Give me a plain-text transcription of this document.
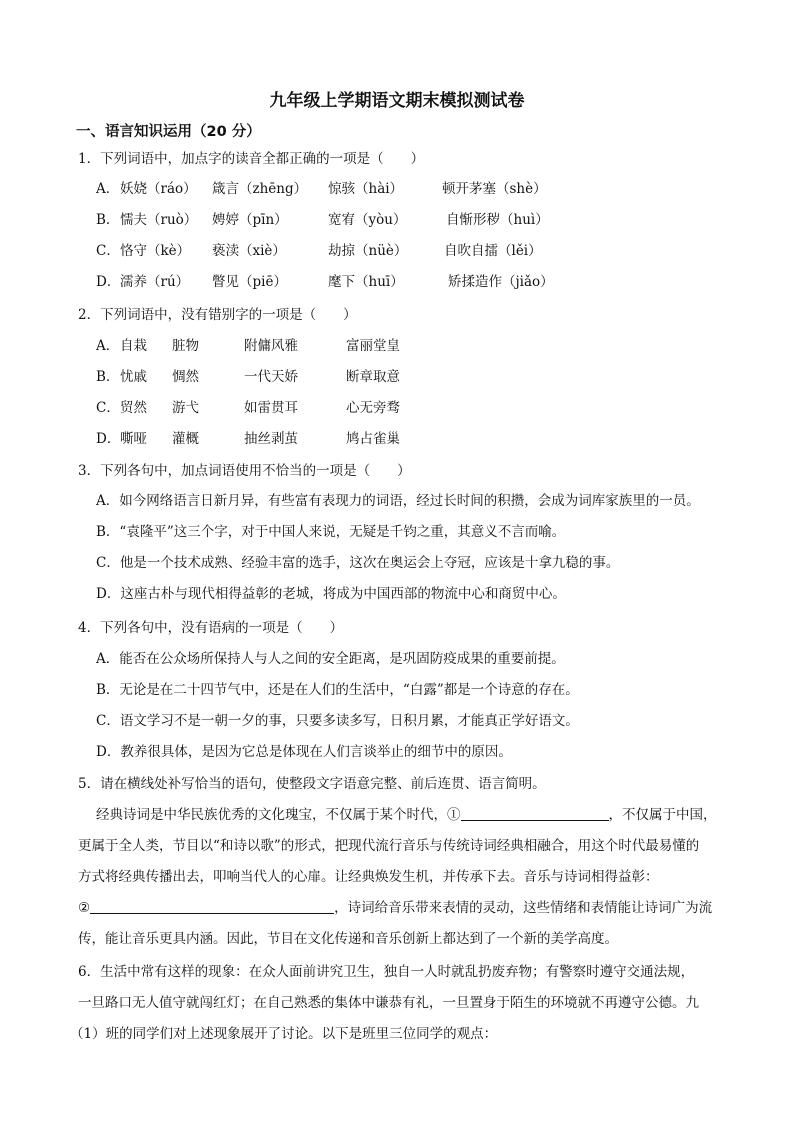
九年级上学期语文期末模拟测试卷
一、语言知识运用（20 分）
1．下列词语中，加点字的读音全都正确的一项是（　　）
A． 妖娆（ráo） 箴言（zhēng） 惊骇（hài）	顿开茅塞（shè）
B． 懦夫（ruò） 娉婷（pīn）	宽宥（yòu）	自惭形秽（huì）
C． 恪守（kè） 亵渎（xiè）	劫掠（nüè）	自吹自擂（lěi）
D． 濡养（rú） 瞥见（piē）	麾下（huī）	矫揉造作（jiǎo）
2．下列词语中，没有错别字的一项是（　　）
A． 自栽 脏物	附傭风雅	富丽堂皇
B． 忧戚 惆然	一代天娇	断章取意
C． 贸然 游弋	如雷贯耳	心无旁骛
D． 嘶哑 灌概	抽丝剥茧	鸠占雀巢
3．下列各句中，加点词语使用不恰当的一项是（　　）
A．如今网络语言日新月异，有些富有表现力的词语，经过长时间的积攒，会成为词库家族里的一员。
B．“袁隆平”这三个字，对于中国人来说，无疑是千钧之重，其意义不言而喻。
C．他是一个技术成熟、经验丰富的选手，这次在奥运会上夺冠，应该是十拿九稳的事。
D．这座古朴与现代相得益彰的老城，将成为中国西部的物流中心和商贸中心。
4．下列各句中，没有语病的一项是（　　）
A．能否在公众场所保持人与人之间的安全距离，是巩固防疫成果的重要前提。
B．无论是在二十四节气中，还是在人们的生活中，“白露”都是一个诗意的存在。
C．语文学习不是一朝一夕的事，只要多读多写，日积月累，才能真正学好语文。
D．教养很具体，是因为它总是体现在人们言谈举止的细节中的原因。
5．请在横线处补写恰当的语句，使整段文字语意完整、前后连贯、语言简明。
经典诗词是中华民族优秀的文化瑰宝，不仅属于某个时代，①	，不仅属于中国，
更属于全人类，节目以“和诗以歌”的形式，把现代流行音乐与传统诗词经典相融合，用这个时代最易懂的
方式将经典传播出去，叩响当代人的心扉。让经典焕发生机，并传承下去。音乐与诗词相得益彰：
②	，诗词给音乐带来表情的灵动，这些情绪和表情能让诗词广为流
传，能让音乐更具内涵。因此，节目在文化传递和音乐创新上都达到了一个新的美学高度。
6．生活中常有这样的现象：在众人面前讲究卫生，独自一人时就乱扔废弃物；有警察时遵守交通法规，
一旦路口无人值守就闯红灯；在自己熟悉的集体中谦恭有礼，一旦置身于陌生的环境就不再遵守公德。九
（1）班的同学们对上述现象展开了讨论。以下是班里三位同学的观点：
